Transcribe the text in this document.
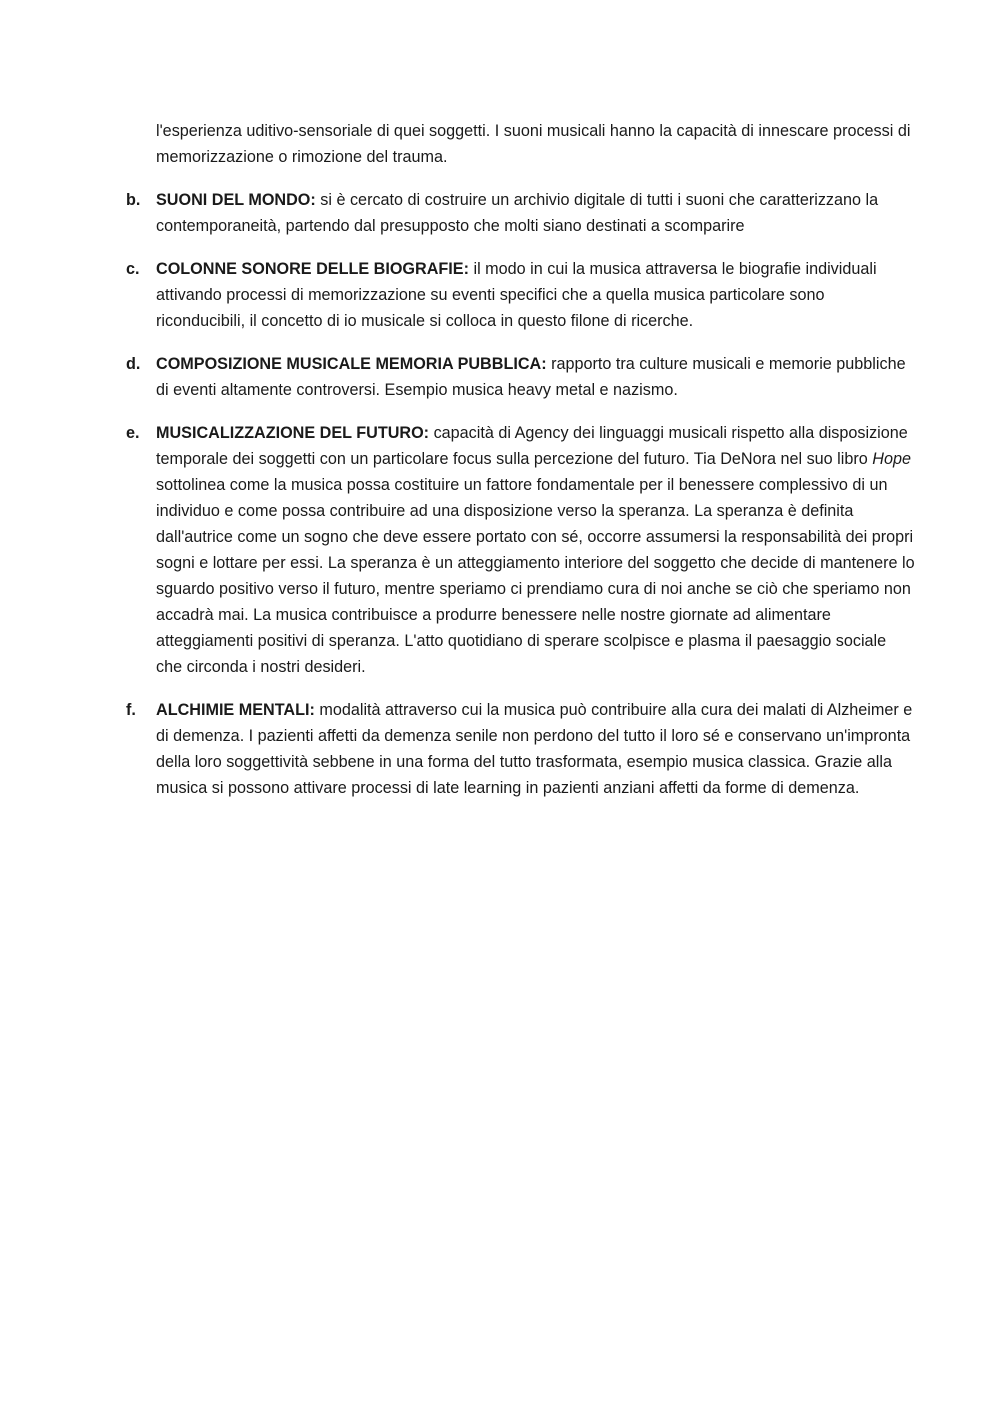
l'esperienza uditivo-sensoriale di quei soggetti. I suoni musicali hanno la capacità di innescare processi di memorizzazione o rimozione del trauma.

b. SUONI DEL MONDO: si è cercato di costruire un archivio digitale di tutti i suoni che caratterizzano la contemporaneità, partendo dal presupposto che molti siano destinati a scomparire

c.	COLONNE SONORE DELLE BIOGRAFIE: il modo in cui la musica attraversa le biografie individuali attivando processi di memorizzazione su eventi specifici che a quella musica particolare sono riconducibili, il concetto di io musicale si colloca in questo filone di ricerche.

d. COMPOSIZIONE MUSICALE MEMORIA PUBBLICA: rapporto tra culture musicali e memorie pubbliche di eventi altamente controversi. Esempio musica heavy metal e nazismo.

e.	MUSICALIZZAZIONE DEL FUTURO: capacità di Agency dei linguaggi musicali rispetto alla disposizione temporale dei soggetti con un particolare focus sulla percezione del futuro. Tia DeNora nel suo libro Hope sottolinea come la musica possa costituire un fattore fondamentale per il benessere complessivo di un individuo e come possa contribuire ad una disposizione verso la speranza. La speranza è definita dall'autrice come un sogno che deve essere portato con sé, occorre assumersi la responsabilità dei propri sogni e lottare per essi. La speranza è un atteggiamento interiore del soggetto che decide di mantenere lo sguardo positivo verso il futuro, mentre speriamo ci prendiamo cura di noi anche se ciò che speriamo non accadrà mai. La musica contribuisce a produrre benessere nelle nostre giornate ad alimentare atteggiamenti positivi di speranza. L'atto quotidiano di sperare scolpisce e plasma il paesaggio sociale che circonda i nostri desideri.

f.	ALCHIMIE MENTALI: modalità attraverso cui la musica può contribuire alla cura dei malati di Alzheimer e di demenza. I pazienti affetti da demenza senile non perdono del tutto il loro sé e conservano un'impronta della loro soggettività sebbene in una forma del tutto trasformata, esempio musica classica. Grazie alla musica si possono attivare processi di late learning in pazienti anziani affetti da forme di demenza.
